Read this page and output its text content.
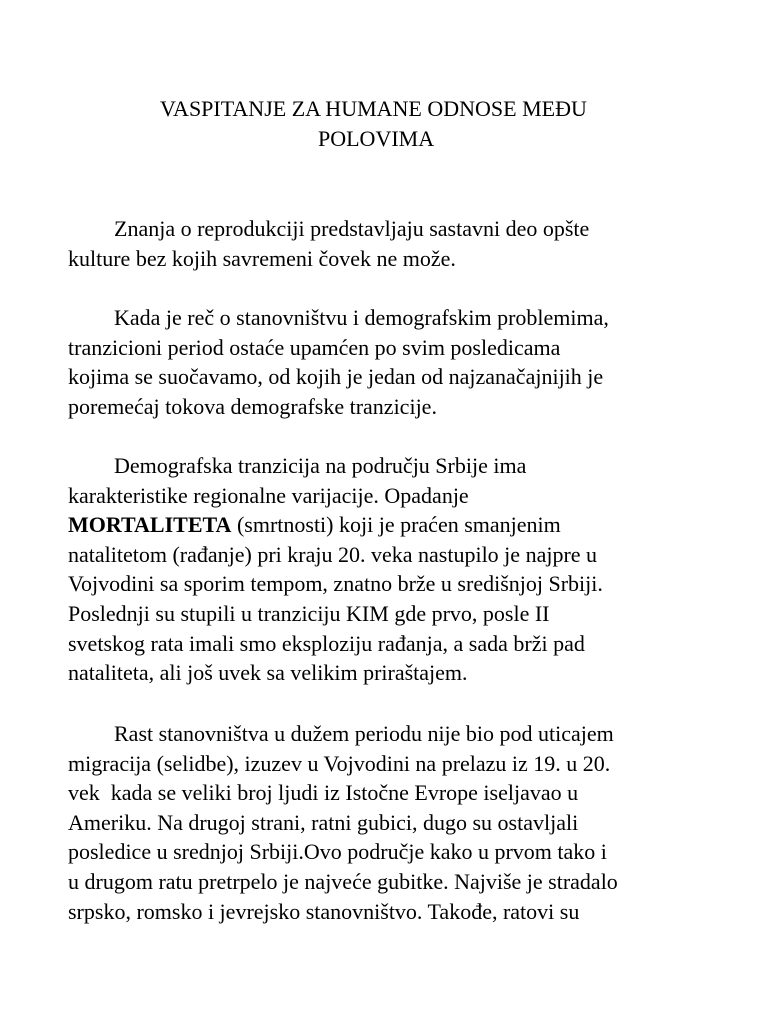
VASPITANJE ZA HUMANE ODNOSE MEĐU
POLOVIMA
Znanja o reprodukciji predstavljaju sastavni deo opšte
kulture bez kojih savremeni čovek ne može.
Kada je reč o stanovništvu i demografskim problemima,
tranzicioni period ostaće upamćen po svim posledicama
kojima se suočavamo, od kojih je jedan od najzanačajnijih je
poremećaj tokova demografske tranzicije.
Demografska tranzicija na području Srbije ima
karakteristike regionalne varijacije. Opadanje
MORTALITETA (smrtnosti) koji je praćen smanjenim
natalitetom (rađanje) pri kraju 20. veka nastupilo je najpre u
Vojvodini sa sporim tempom, znatno brže u središnjoj Srbiji.
Poslednji su stupili u tranziciju KIM gde prvo, posle II
svetskog rata imali smo eksploziju rađanja, a sada brži pad
nataliteta, ali još uvek sa velikim priraštajem.
Rast stanovništva u dužem periodu nije bio pod uticajem
migracija (selidbe), izuzev u Vojvodini na prelazu iz 19. u 20.
vek  kada se veliki broj ljudi iz Istočne Evrope iseljavao u
Ameriku. Na drugoj strani, ratni gubici, dugo su ostavljali
posledice u srednjoj Srbiji.Ovo područje kako u prvom tako i
u drugom ratu pretrpelo je najveće gubitke. Najviše je stradalo
srpsko, romsko i jevrejsko stanovništvo. Takođe, ratovi su
